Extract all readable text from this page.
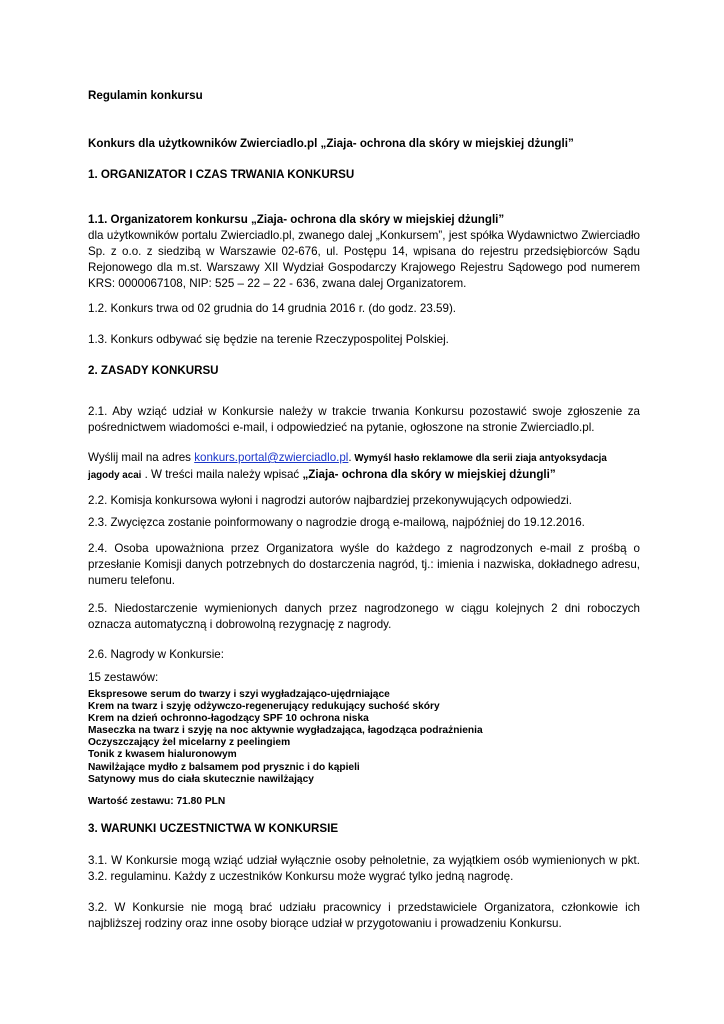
Regulamin konkursu

Konkurs dla użytkowników Zwierciadlo.pl „Ziaja- ochrona dla skóry w miejskiej dżungli”

1. ORGANIZATOR I CZAS TRWANIA KONKURSU

1.1. Organizatorem konkursu „Ziaja- ochrona dla skóry w miejskiej dżungli”

dla użytkowników portalu Zwierciadlo.pl, zwanego dalej „Konkursem”, jest spółka Wydawnictwo Zwierciadło Sp. z o.o. z siedzibą w Warszawie 02-676, ul. Postępu 14, wpisana do rejestru przedsiębiorców Sądu Rejonowego dla m.st. Warszawy XII Wydział Gospodarczy Krajowego Rejestru Sądowego pod numerem KRS: 0000067108, NIP: 525 – 22 – 22 - 636, zwana dalej Organizatorem.

1.2. Konkurs trwa od 02 grudnia do 14 grudnia 2016 r. (do godz. 23.59).

1.3. Konkurs odbywać się będzie na terenie Rzeczypospolitej Polskiej.

2. ZASADY KONKURSU

2.1. Aby wziąć udział w Konkursie należy w trakcie trwania Konkursu pozostawić swoje zgłoszenie za pośrednictwem wiadomości e-mail, i odpowiedzieć na pytanie, ogłoszone na stronie Zwierciadlo.pl.

Wyślij mail na adres konkurs.portal@zwierciadlo.pl. Wymyśl hasło reklamowe dla serii ziaja antyoksydacja jagody acai . W treści maila należy wpisać „Ziaja- ochrona dla skóry w miejskiej dżungli”

2.2. Komisja konkursowa wyłoni i nagrodzi autorów najbardziej przekonywujących odpowiedzi.

2.3. Zwycięzca zostanie poinformowany o nagrodzie drogą e-mailową, najpóźniej do 19.12.2016.

2.4. Osoba upoważniona przez Organizatora wyśle do każdego z nagrodzonych e-mail z prośbą o przesłanie Komisji danych potrzebnych do dostarczenia nagród, tj.: imienia i nazwiska, dokładnego adresu, numeru telefonu.

2.5. Niedostarczenie wymienionych danych przez nagrodzonego w ciągu kolejnych 2 dni roboczych oznacza automatyczną i dobrowolną rezygnację z nagrody.

2.6. Nagrody w Konkursie:

15 zestawów:

Ekspresowe serum do twarzy i szyi wygładzająco-ujędrniające
Krem na twarz i szyję odżywczo-regenerujący redukujący suchość skóry
Krem na dzień ochronno-łagodzący SPF 10 ochrona niska
Maseczka na twarz i szyję na noc aktywnie wygładzająca, łagodząca podrażnienia
Oczyszczający żel micelarny z peelingiem
Tonik z kwasem hialuronowym
Nawilżające mydło z balsamem pod prysznic i do kąpieli
Satynowy mus do ciała skutecznie nawilżający

Wartość zestawu: 71.80 PLN

3. WARUNKI UCZESTNICTWA W KONKURSIE

3.1. W Konkursie mogą wziąć udział wyłącznie osoby pełnoletnie, za wyjątkiem osób wymienionych w pkt. 3.2. regulaminu. Każdy z uczestników Konkursu może wygrać tylko jedną nagrodę.

3.2. W Konkursie nie mogą brać udziału pracownicy i przedstawiciele Organizatora, członkowie ich najbliższej rodziny oraz inne osoby biorące udział w przygotowaniu i prowadzeniu Konkursu.
